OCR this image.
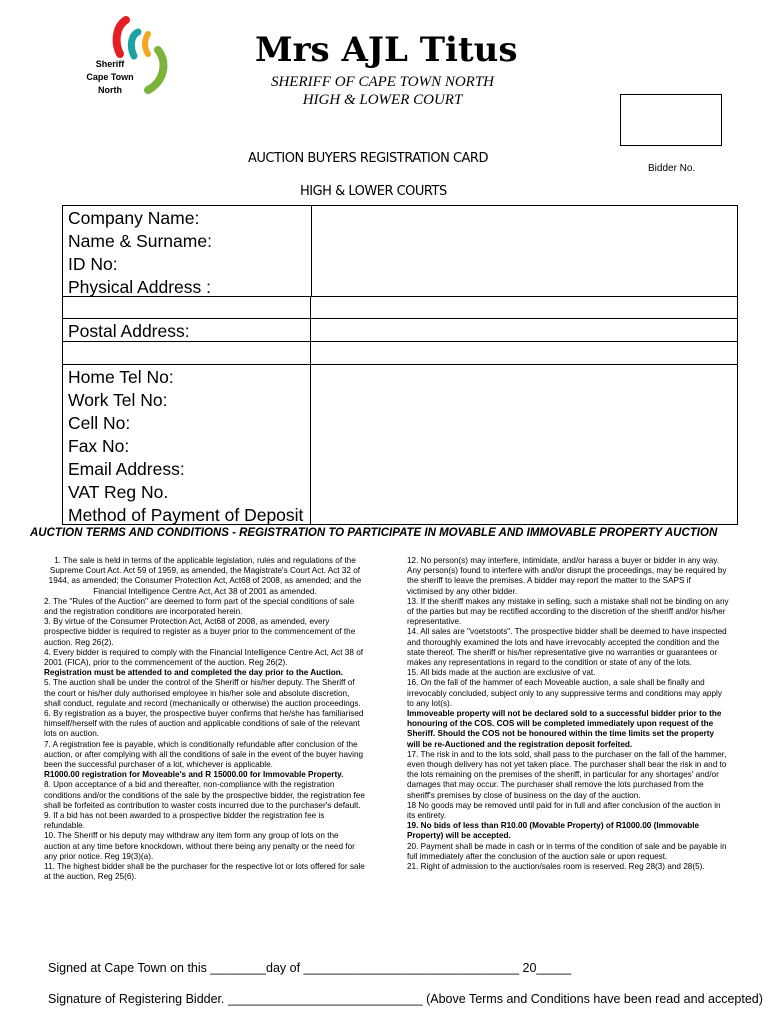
Sheriff
Cape Town
North
Mrs AJL Titus
SHERIFF OF CAPE TOWN NORTH
HIGH & LOWER COURT
Bidder No.
AUCTION BUYERS REGISTRATION CARD
HIGH & LOWER COURTS
Company Name:
Name & Surname:
ID No:
Physical Address :
Postal Address:
Home Tel No:
Work Tel No:
Cell No:
Fax No:
Email Address:
VAT Reg No.
Method of Payment of Deposit
AUCTION TERMS AND CONDITIONS - REGISTRATION TO PARTICIPATE IN MOVABLE AND IMMOVABLE PROPERTY AUCTION

1. The sale is held in terms of the applicable legislation, rules and regulations of the Supreme Court Act. Act 59 of 1959, as amended, the Magistrate's Court Act. Act 32 of 1944, as amended; the Consumer Protection Act, Act68 of 2008, as amended; and the Financial Intelligence Centre Act, Act 38 of 2001 as amended.

2. The "Rules of the Auction" are deemed to form part of the special conditions of sale and the registration conditions are incorporated herein.

3. By virtue of the Consumer Protection Act, Act68 of 2008, as amended, every prospective bidder is required to register as a buyer prior to the commencement of the auction. Reg 26(2).

4. Every bidder is required to comply with the Financial Intelligence Centre Act, Act 38 of 2001 (FICA), prior to the commencement of the auction. Reg 26(2).

Registration must be attended to and completed the day prior to the Auction.

5. The auction shall be under the control of the Sheriff or his/her deputy. The Sheriff of the court or his/her duly authorised employee in his/her sole and absolute discretion, shall conduct, regulate and record (mechanically or otherwise) the auction proceedings.

6. By registration as a buyer, the prospective buyer confirms that he/she has familiarised himself/herself with the rules of auction and applicable conditions of sale of the relevant lots on auction.

7. A registration fee is payable, which is conditionally refundable after conclusion of the auction, or after complying with all the conditions of sale in the event of the buyer having been the successful purchaser of a lot, whichever is applicable.

R1000.00 registration for Moveable's and R 15000.00 for Immovable Property.

8. Upon acceptance of a bid and thereafter, non-compliance with the registration conditions and/or the conditions of the sale by the prospective bidder, the registration fee shall be forfeited as contribution to waster costs incurred due to the purchaser's default.

9. If a bid has not been awarded to a prospective bidder the registration fee is refundable.

10. The Sheriff or his deputy may withdraw any item form any group of lots on the auction at any time before knockdown, without there being any penalty or the need for any prior notice. Reg 19(3)(a).

11. The highest bidder shall be the purchaser for the respective lot or lots offered for sale at the auction, Reg 25(6).

12. No person(s) may interfere, intimidate, and/or harass a buyer or bidder in any way. Any person(s) found to interfere with and/or disrupt the proceedings, may be required by the sheriff to leave the premises. A bidder may report the matter to the SAPS if victimised by any other bidder.

13. If the sheriff makes any mistake in selling, such a mistake shall not be binding on any of the parties but may be rectified according to the discretion of the sheriff and/or his/her representative.

14. All sales are "voetstoots". The prospective bidder shall be deemed to have inspected and thoroughly examined the lots and have irrevocably accepted the condition and the state thereof. The sheriff or his/her representative give no warranties or guarantees or makes any representations in regard to the condition or state of any of the lots.

15. All bids made at the auction are exclusive of vat.

16. On the fall of the hammer of each Moveable auction, a sale shall be finally and irrevocably concluded, subject only to any suppressive terms and conditions may apply to any lot(s).

Immoveable property will not be declared sold to a successful bidder prior to the honouring of the COS. COS will be completed immediately upon request of the Sheriff. Should the COS not be honoured within the time limits set the property will be re-Auctioned and the registration deposit forfeited.

17. The risk in and to the lots sold, shall pass to the purchaser on the fall of the hammer, even though delivery has not yet taken place. The purchaser shall bear the risk in and to the lots remaining on the premises of the sheriff, in particular for any shortages' and/or damages that may occur. The purchaser shall remove the lots purchased from the sheriff's premises by close of business on the day of the auction.

18 No goods may be removed until paid for in full and after conclusion of the auction in its entirety.

19. No bids of less than R10.00 (Movable Property) of R1000.00 (Immovable Property) will be accepted.

20. Payment shall be made in cash or in terms of the condition of sale and be payable in full immediately after the conclusion of the auction sale or upon request.

21. Right of admission to the auction/sales room is reserved. Reg 28(3) and 28(5).

Signed at Cape Town on this ________day of _______________________________ 20_____
Signature of Registering Bidder. ____________________________ (Above Terms and Conditions have been read and accepted)
